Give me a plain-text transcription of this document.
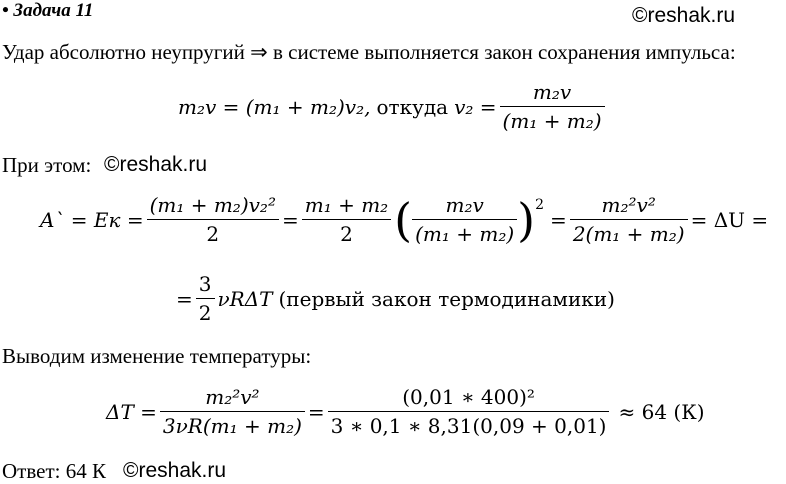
• Задача 11	©reshak.ru
Удар абсолютно неупругий ⇒ в системе выполняется закон сохранения импульса:
m₂v = (m₁ + m₂)v₂, откуда $v_2 = \frac{\text{m₂v}}{\text{(m₁ + m₂)}}$
При этом: ©reshak.ru
A` = Eк = $\frac{\text{(m₁ + m₂)v₂²}}{2} = \frac{\text{m₁ + m₂}}{2}$ ( $\frac{\text{m₂v}}{\text{(m₁ + m₂)}}$ ) 2
= $\frac{\text{m₂²v²}}{\text{2(m₁ + m₂)}} = \Delta U$ =
= $\frac{3}{2}$ νRΔT (первый закон термодинамики)
Выводим изменение температуры:
$\Delta T = \frac{\text{m₂²v²}}{\text{3νR(m₁ + m₂)}} = \frac{\text{(0,01 ∗ 400)²}}{3 ∗ 0,1 ∗ 8,31(0,09 + 0,01)} \approx 64$ (К)
Ответ: 64 К ©reshak.ru
